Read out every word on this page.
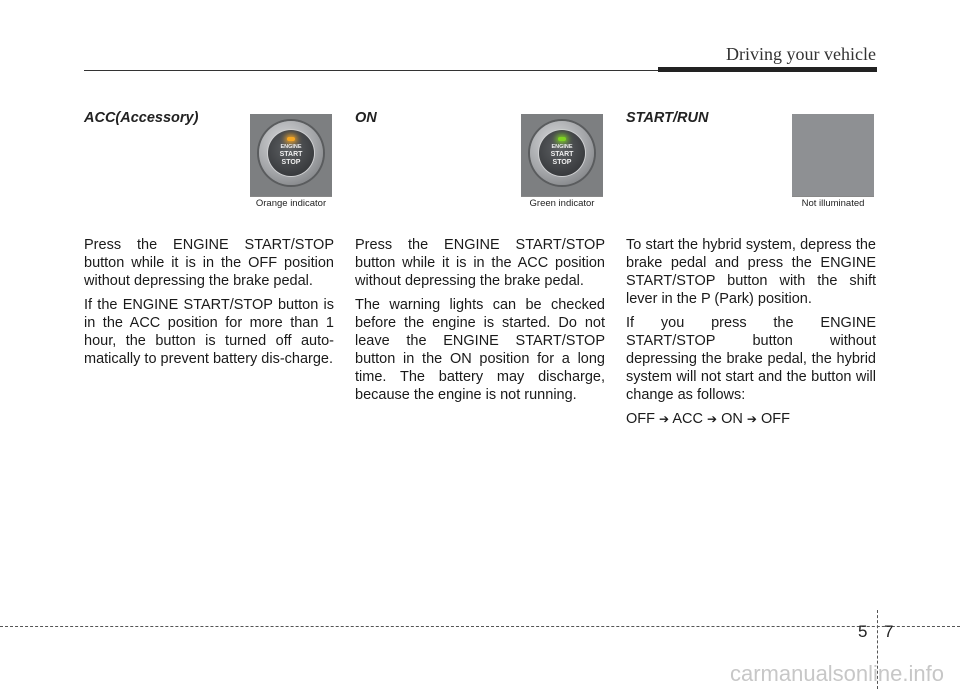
Driving your vehicle
ACC(Accessory)
ENGINE
START
STOP
Orange indicator

Press the ENGINE START/STOP button while it is in the OFF position without depressing the brake pedal.

If the ENGINE START/STOP button is in the ACC position for more than 1 hour, the button is turned off auto-matically to prevent battery dis-charge.

ON
ENGINE
START
STOP
Green indicator

Press the ENGINE START/STOP button while it is in the ACC position without depressing the brake pedal.

The warning lights can be checked before the engine is started. Do not leave the ENGINE START/STOP button in the ON position for a long time. The battery may discharge, because the engine is not running.

START/RUN
Not illuminated

To start the hybrid system, depress the brake pedal and press the ENGINE START/STOP button with the shift lever in the P (Park) position.

If you press the ENGINE START/STOP button without depressing the brake pedal, the hybrid system will not start and the button will change as follows:

OFF ➔ ACC ➔ ON ➔ OFF
5 7
carmanualsonline.info
